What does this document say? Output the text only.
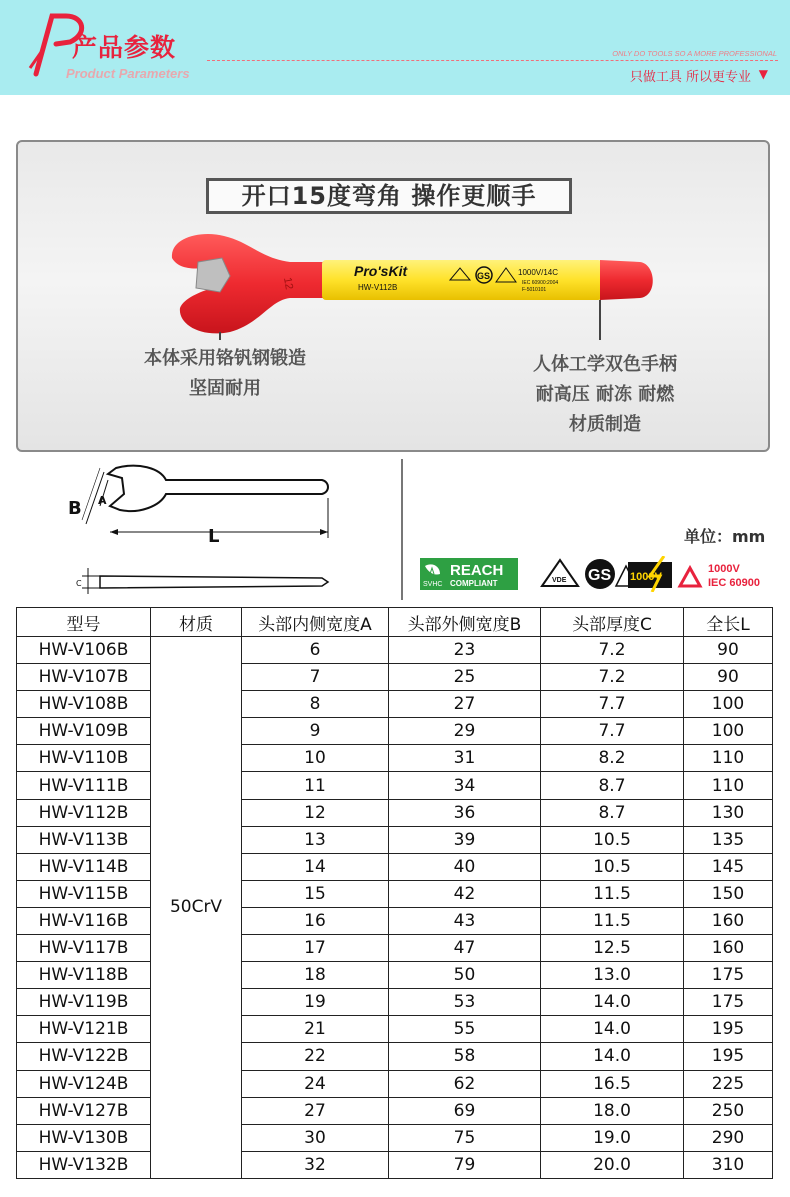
产品参数
Product Parameters
ONLY DO TOOLS SO A MORE PROFESSIONAL
只做工具 所以更专业 ▼
开口15度弯角 操作更顺手
12
Pro'sKit
HW-V112B
GS	1000V/14C
IEC 60900:2004
F-5010101
本体采用铬钒钢锻造
坚固耐用
人体工学双色手柄
耐高压 耐冻 耐燃
材质制造
B A
L
C
单位：mm
SVHC
REACH
COMPLIANT	VDE GS 1000V
1000V
IEC 60900
型号	材质	头部内侧宽度A	头部外侧宽度B	头部厚度C	全长L
HW-V106B	50CrV	6	23	7.2	90
HW-V107B		7	25	7.2	90
HW-V108B		8	27	7.7	100
HW-V109B		9	29	7.7	100
HW-V110B		10	31	8.2	110
HW-V111B		11	34	8.7	110
HW-V112B		12	36	8.7	130
HW-V113B		13	39	10.5	135
HW-V114B		14	40	10.5	145
HW-V115B		15	42	11.5	150
HW-V116B		16	43	11.5	160
HW-V117B		17	47	12.5	160
HW-V118B		18	50	13.0	175
HW-V119B		19	53	14.0	175
HW-V121B		21	55	14.0	195
HW-V122B		22	58	14.0	195
HW-V124B		24	62	16.5	225
HW-V127B		27	69	18.0	250
HW-V130B		30	75	19.0	290
HW-V132B		32	79	20.0	310
